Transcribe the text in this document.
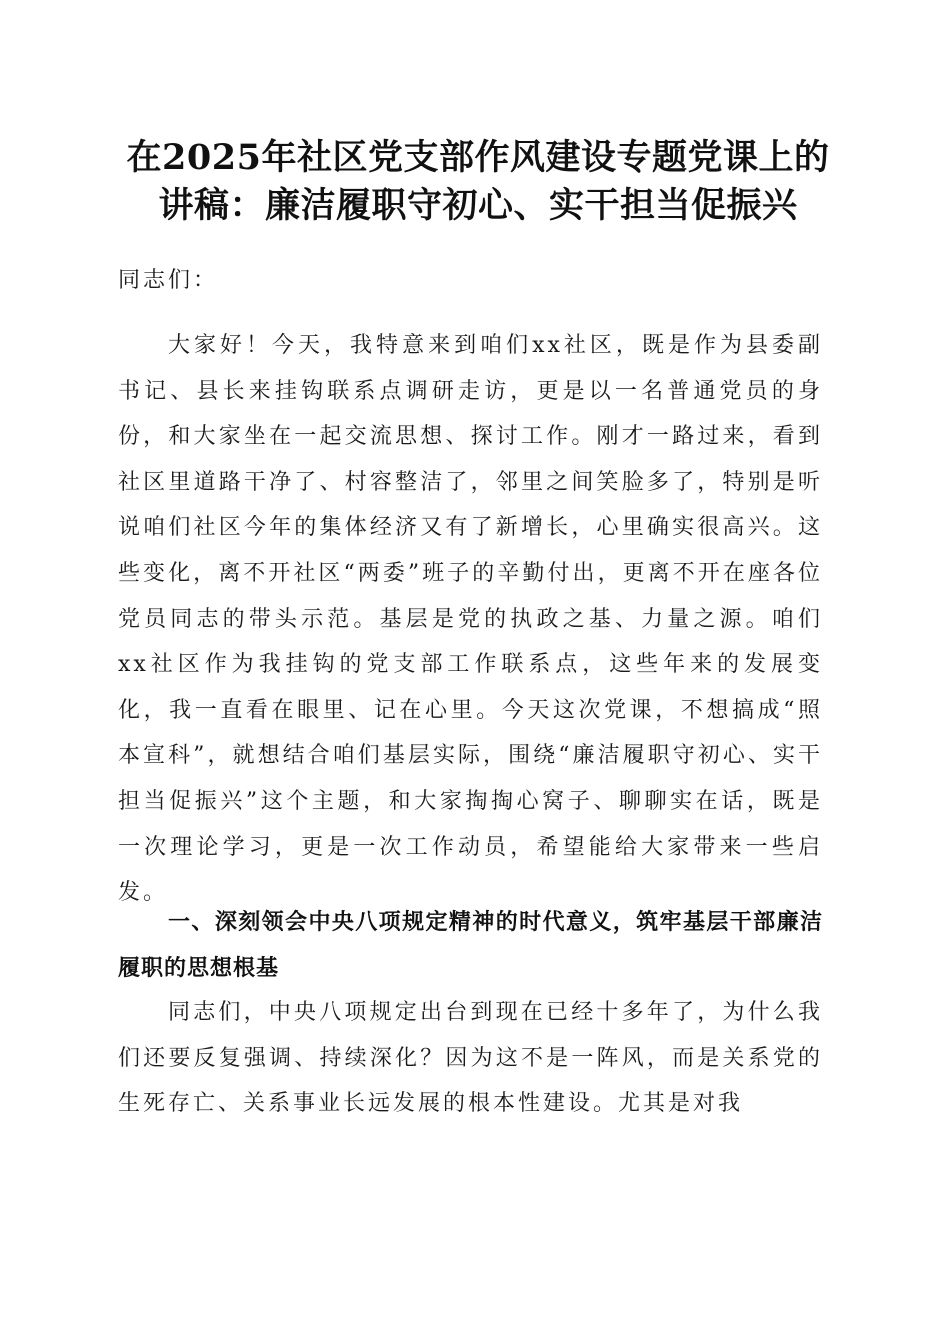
在2025年社区党支部作风建设专题党课上的讲稿：廉洁履职守初心、实干担当促振兴

同志们：

大家好！今天，我特意来到咱们xx社区，既是作为县委副书记、县长来挂钩联系点调研走访，更是以一名普通党员的身份，和大家坐在一起交流思想、探讨工作。刚才一路过来，看到社区里道路干净了、村容整洁了，邻里之间笑脸多了，特别是听说咱们社区今年的集体经济又有了新增长，心里确实很高兴。这些变化，离不开社区“两委”班子的辛勤付出，更离不开在座各位党员同志的带头示范。基层是党的执政之基、力量之源。咱们xx社区作为我挂钩的党支部工作联系点，这些年来的发展变化，我一直看在眼里、记在心里。今天这次党课，不想搞成“照本宣科”，就想结合咱们基层实际，围绕“廉洁履职守初心、实干担当促振兴”这个主题，和大家掏掏心窝子、聊聊实在话，既是一次理论学习，更是一次工作动员，希望能给大家带来一些启发。

一、深刻领会中央八项规定精神的时代意义，筑牢基层干部廉洁履职的思想根基

同志们，中央八项规定出台到现在已经十多年了，为什么我们还要反复强调、持续深化？因为这不是一阵风，而是关系党的生死存亡、关系事业长远发展的根本性建设。尤其是对我
